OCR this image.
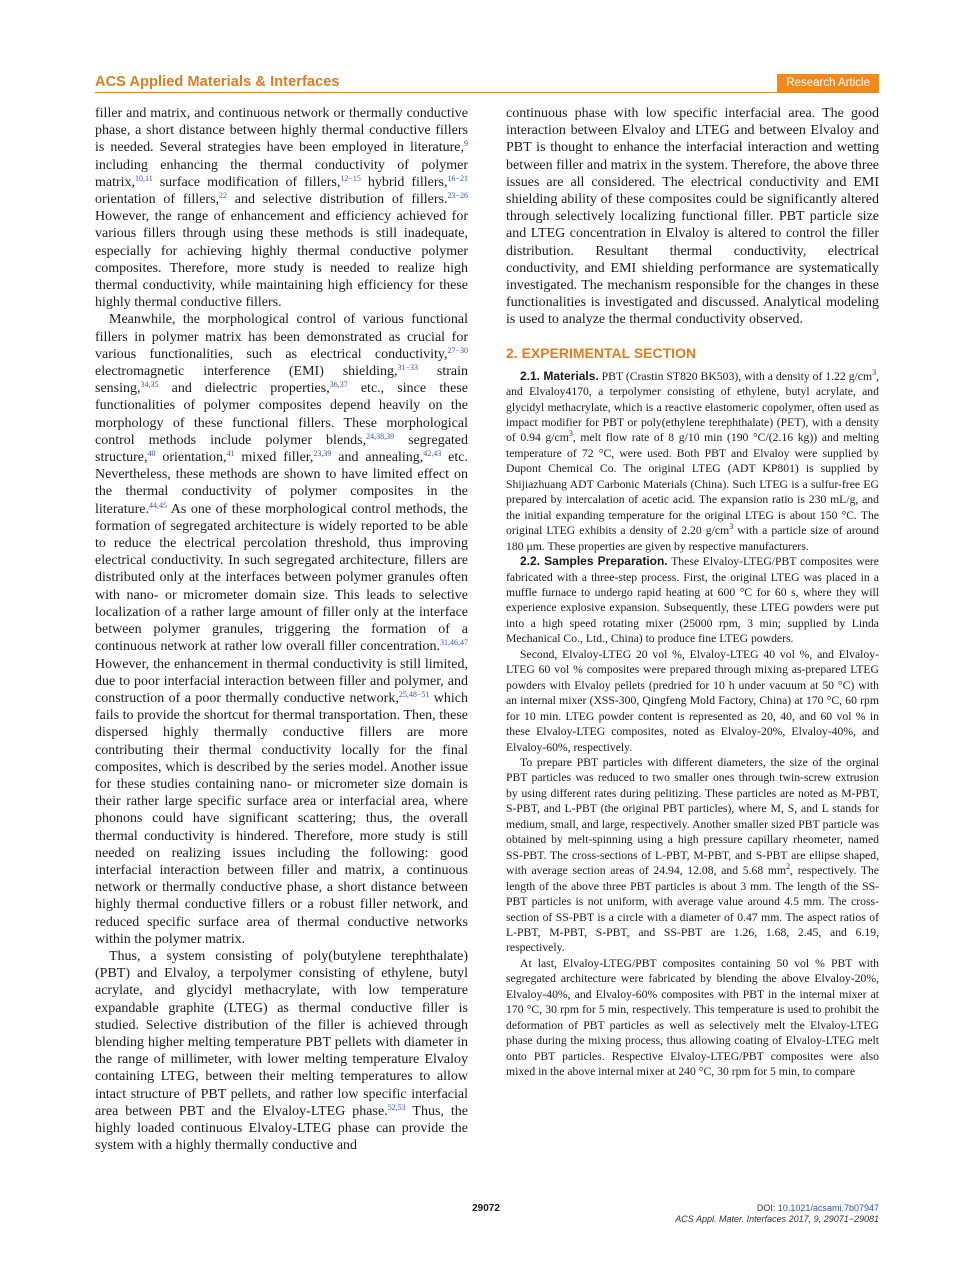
ACS Applied Materials & Interfaces	Research Article

filler and matrix, and continuous network or thermally conductive phase, a short distance between highly thermal conductive fillers is needed. Several strategies have been employed in literature,$^9$ including enhancing the thermal conductivity of polymer matrix,$^{10,11}$ surface modification of fillers,$^{12-15}$ hybrid fillers,$^{16-21}$ orientation of fillers,$^{22}$ and selective distribution of fillers.$^{23-26}$ However, the range of enhancement and efficiency achieved for various fillers through using these methods is still inadequate, especially for achieving highly thermal conductive polymer composites. Therefore, more study is needed to realize high thermal conductivity, while maintaining high efficiency for these highly thermal conductive fillers.

Meanwhile, the morphological control of various functional fillers in polymer matrix has been demonstrated as crucial for various functionalities, such as electrical conductivity,$^{27-30}$ electromagnetic interference (EMI) shielding,$^{31-33}$ strain sensing,$^{34,35}$ and dielectric properties,$^{36,37}$ etc., since these functionalities of polymer composites depend heavily on the morphology of these functional fillers. These morphological control methods include polymer blends,$^{24,38,39}$ segregated structure,$^{40}$ orientation,$^{41}$ mixed filler,$^{23,39}$ and annealing,$^{42,43}$ etc. Nevertheless, these methods are shown to have limited effect on the thermal conductivity of polymer composites in the literature.$^{44,45}$ As one of these morphological control methods, the formation of segregated architecture is widely reported to be able to reduce the electrical percolation threshold, thus improving electrical conductivity. In such segregated architecture, fillers are distributed only at the interfaces between polymer granules often with nano- or micrometer domain size. This leads to selective localization of a rather large amount of filler only at the interface between polymer granules, triggering the formation of a continuous network at rather low overall filler concentration.$^{31,46,47}$ However, the enhancement in thermal conductivity is still limited, due to poor interfacial interaction between filler and polymer, and construction of a poor thermally conductive network,$^{25,48-51}$ which fails to provide the shortcut for thermal transportation. Then, these dispersed highly thermally conductive fillers are more contributing their thermal conductivity locally for the final composites, which is described by the series model. Another issue for these studies containing nano- or micrometer size domain is their rather large specific surface area or interfacial area, where phonons could have significant scattering; thus, the overall thermal conductivity is hindered. Therefore, more study is still needed on realizing issues including the following: good interfacial interaction between filler and matrix, a continuous network or thermally conductive phase, a short distance between highly thermal conductive fillers or a robust filler network, and reduced specific surface area of thermal conductive networks within the polymer matrix.

Thus, a system consisting of poly(butylene terephthalate) (PBT) and Elvaloy, a terpolymer consisting of ethylene, butyl acrylate, and glycidyl methacrylate, with low temperature expandable graphite (LTEG) as thermal conductive filler is studied. Selective distribution of the filler is achieved through blending higher melting temperature PBT pellets with diameter in the range of millimeter, with lower melting temperature Elvaloy containing LTEG, between their melting temperatures to allow intact structure of PBT pellets, and rather low specific interfacial area between PBT and the Elvaloy-LTEG phase.$^{52,53}$ Thus, the highly loaded continuous Elvaloy-LTEG phase can provide the system with a highly thermally conductive and

continuous phase with low specific interfacial area. The good interaction between Elvaloy and LTEG and between Elvaloy and PBT is thought to enhance the interfacial interaction and wetting between filler and matrix in the system. Therefore, the above three issues are all considered. The electrical conductivity and EMI shielding ability of these composites could be significantly altered through selectively localizing functional filler. PBT particle size and LTEG concentration in Elvaloy is altered to control the filler distribution. Resultant thermal conductivity, electrical conductivity, and EMI shielding performance are systematically investigated. The mechanism responsible for the changes in these functionalities is investigated and discussed. Analytical modeling is used to analyze the thermal conductivity observed.

2. EXPERIMENTAL SECTION

2.1. Materials. PBT (Crastin ST820 BK503), with a density of 1.22 $g/cm^3$, and Elvaloy4170, a terpolymer consisting of ethylene, butyl acrylate, and glycidyl methacrylate, which is a reactive elastomeric copolymer, often used as impact modifier for PBT or poly(ethylene terephthalate) (PET), with a density of 0.94 $g/cm^3$, melt flow rate of 8 g/10 min (190 °C/(2.16 kg)) and melting temperature of 72 °C, were used. Both PBT and Elvaloy were supplied by Dupont Chemical Co. The original LTEG (ADT KP801) is supplied by Shijiazhuang ADT Carbonic Materials (China). Such LTEG is a sulfur-free EG prepared by intercalation of acetic acid. The expansion ratio is 230 mL/g, and the initial expanding temperature for the original LTEG is about 150 °C. The original LTEG exhibits a density of 2.20 $g/cm^3$ with a particle size of around 180 μm. These properties are given by respective manufacturers.

2.2. Samples Preparation. These Elvaloy-LTEG/PBT composites were fabricated with a three-step process. First, the original LTEG was placed in a muffle furnace to undergo rapid heating at 600 °C for 60 s, where they will experience explosive expansion. Subsequently, these LTEG powders were put into a high speed rotating mixer (25000 rpm, 3 min; supplied by Linda Mechanical Co., Ltd., China) to produce fine LTEG powders.

Second, Elvaloy-LTEG 20 vol %, Elvaloy-LTEG 40 vol %, and Elvaloy-LTEG 60 vol % composites were prepared through mixing as-prepared LTEG powders with Elvaloy pellets (predried for 10 h under vacuum at 50 °C) with an internal mixer (XSS-300, Qingfeng Mold Factory, China) at 170 °C, 60 rpm for 10 min. LTEG powder content is represented as 20, 40, and 60 vol % in these Elvaloy-LTEG composites, noted as Elvaloy-20%, Elvaloy-40%, and Elvaloy-60%, respectively.

To prepare PBT particles with different diameters, the size of the orginal PBT particles was reduced to two smaller ones through twin-screw extrusion by using different rates during pelitizing. These particles are noted as M-PBT, S-PBT, and L-PBT (the original PBT particles), where M, S, and L stands for medium, small, and large, respectively. Another smaller sized PBT particle was obtained by melt-spinning using a high pressure capillary rheometer, named SS-PBT. The cross-sections of L-PBT, M-PBT, and S-PBT are ellipse shaped, with average section areas of 24.94, 12.08, and 5.68 $mm^2$, respectively. The length of the above three PBT particles is about 3 mm. The length of the SS-PBT particles is not uniform, with average value around 4.5 mm. The cross-section of SS-PBT is a circle with a diameter of 0.47 mm. The aspect ratios of L-PBT, M-PBT, S-PBT, and SS-PBT are 1.26, 1.68, 2.45, and 6.19, respectively.

At last, Elvaloy-LTEG/PBT composites containing 50 vol % PBT with segregated architecture were fabricated by blending the above Elvaloy-20%, Elvaloy-40%, and Elvaloy-60% composites with PBT in the internal mixer at 170 °C, 30 rpm for 5 min, respectively. This temperature is used to prohibit the deformation of PBT particles as well as selectively melt the Elvaloy-LTEG phase during the mixing process, thus allowing coating of Elvaloy-LTEG melt onto PBT particles. Respective Elvaloy-LTEG/PBT composites were also mixed in the above internal mixer at 240 °C, 30 rpm for 5 min, to compare

29072	DOI: 10.1021/acsami.7b07947
ACS Appl. Mater. Interfaces 2017, 9, 29071−29081
